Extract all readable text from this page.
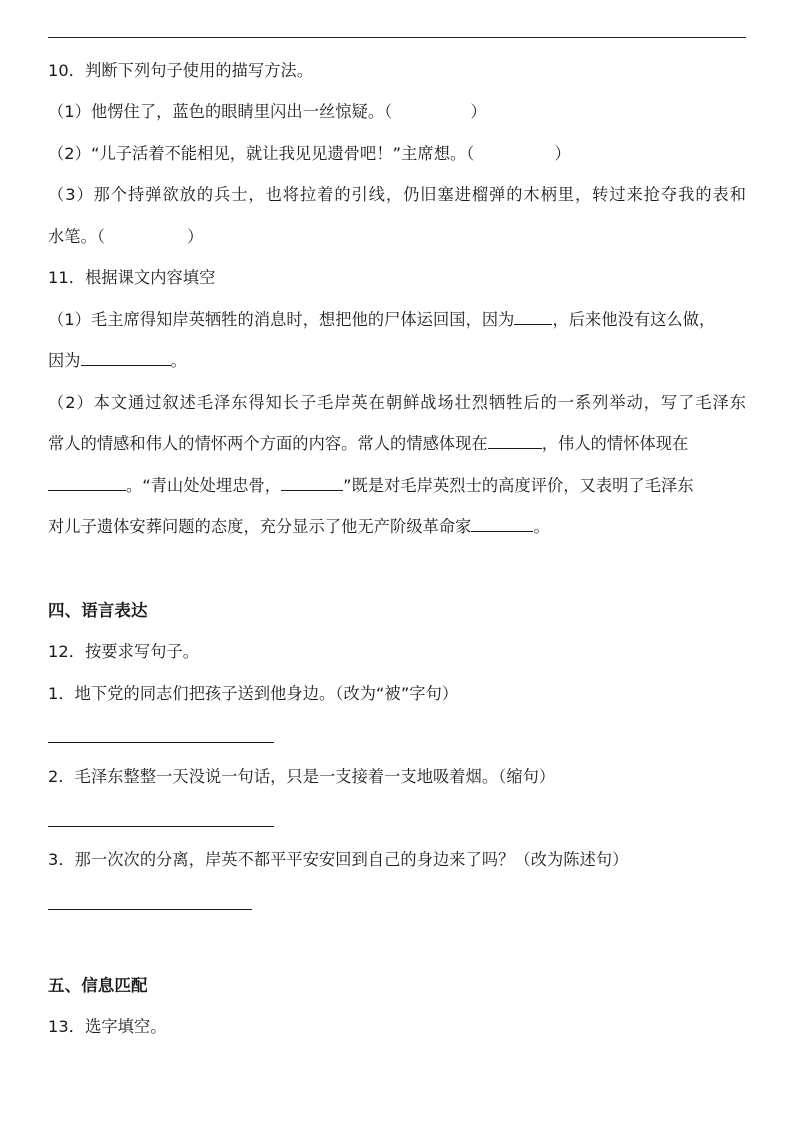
10．判断下列句子使用的描写方法。
（1）他愣住了，蓝色的眼睛里闪出一丝惊疑。（	）
（2）“儿子活着不能相见，就让我见见遗骨吧！”主席想。（	）
（3）那个持弹欲放的兵士，也将拉着的引线，仍旧塞进榴弹的木柄里，转过来抢夺我的表和
水笔。（	）
11．根据课文内容填空
（1）毛主席得知岸英牺牲的消息时，想把他的尸体运回国，因为 ，后来他没有这么做，
因为	。
（2）本文通过叙述毛泽东得知长子毛岸英在朝鲜战场壮烈牺牲后的一系列举动，写了毛泽东
常人的情感和伟人的情怀两个方面的内容。常人的情感体现在	，伟人的情怀体现在
。“青山处处埋忠骨，	”既是对毛岸英烈士的高度评价，又表明了毛泽东
对儿子遗体安葬问题的态度，充分显示了他无产阶级革命家	。
四、语言表达
12．按要求写句子。
1．地下党的同志们把孩子送到他身边。（改为“被”字句）
2．毛泽东整整一天没说一句话，只是一支接着一支地吸着烟。（缩句）
3．那一次次的分离，岸英不都平平安安回到自己的身边来了吗？（改为陈述句）
五、信息匹配
13．选字填空。
